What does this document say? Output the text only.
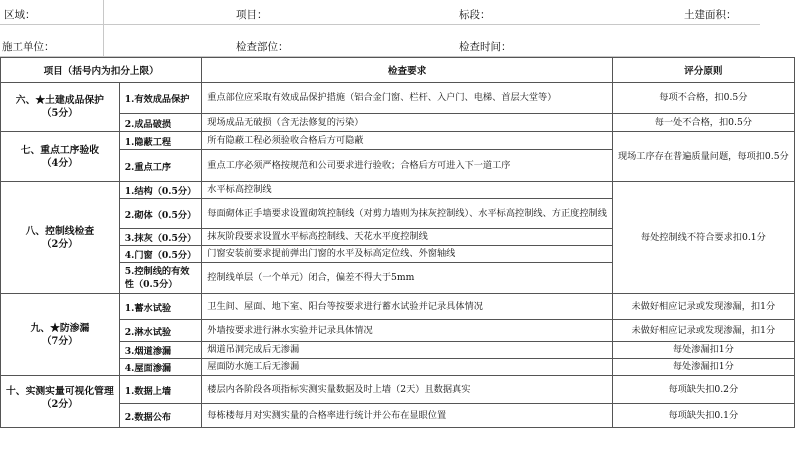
区域：	项目：	标段：	土建面积：
施工单位：	检查部位：	检查时间：
项目（括号内为扣分上限）		检查要求	评分原则	

六、★土建成品保护
（5分）	1.有效成品保护	重点部位应采取有效成品保护措施（铝合金门窗、栏杆、入户门、电梯、首层大堂等）	每项不合格，扣0.5分	
	2.成品破损	现场成品无破损（含无法修复的污染）	每一处不合格，扣0.5分	

七、重点工序验收
（4分）	1.隐蔽工程	所有隐蔽工程必须验收合格后方可隐蔽	现场工序存在普遍质量问题，每项扣0.5分	
	2.重点工序	重点工序必须严格按规范和公司要求进行验收；合格后方可进入下一道工序		

八、控制线检查
（2分）	1.结构（0.5分）	水平标高控制线	每处控制线不符合要求扣0.1分	
	2.砌体（0.5分）	每面砌体正手墙要求设置砌筑控制线（对剪力墙则为抹灰控制线）、水平标高控制线、方正度控制线		
	3.抹灰（0.5分）	抹灰阶段要求设置水平标高控制线、天花水平度控制线		
	4.门窗（0.5分）	门窗安装前要求提前弹出门窗的水平及标高定位线、外窗轴线		
	5.控制线的有效性（0.5分）	控制线单层（一个单元）闭合，偏差不得大于5mm		

九、★防渗漏
（7分）	1.蓄水试验	卫生间、屋面、地下室、阳台等按要求进行蓄水试验并记录具体情况	未做好相应记录或发现渗漏，扣1分	
	2.淋水试验	外墙按要求进行淋水实验并记录具体情况	未做好相应记录或发现渗漏，扣1分	
	3.烟道渗漏	烟道吊洞完成后无渗漏	每处渗漏扣1分	
	4.屋面渗漏	屋面防水施工后无渗漏	每处渗漏扣1分	

十、实测实量可视化管理
（2分）	1.数据上墙	楼层内各阶段各项指标实测实量数据及时上墙（2天）且数据真实	每项缺失扣0.2分	
	2.数据公布	每栋楼每月对实测实量的合格率进行统计并公布在显眼位置	每项缺失扣0.1分	
